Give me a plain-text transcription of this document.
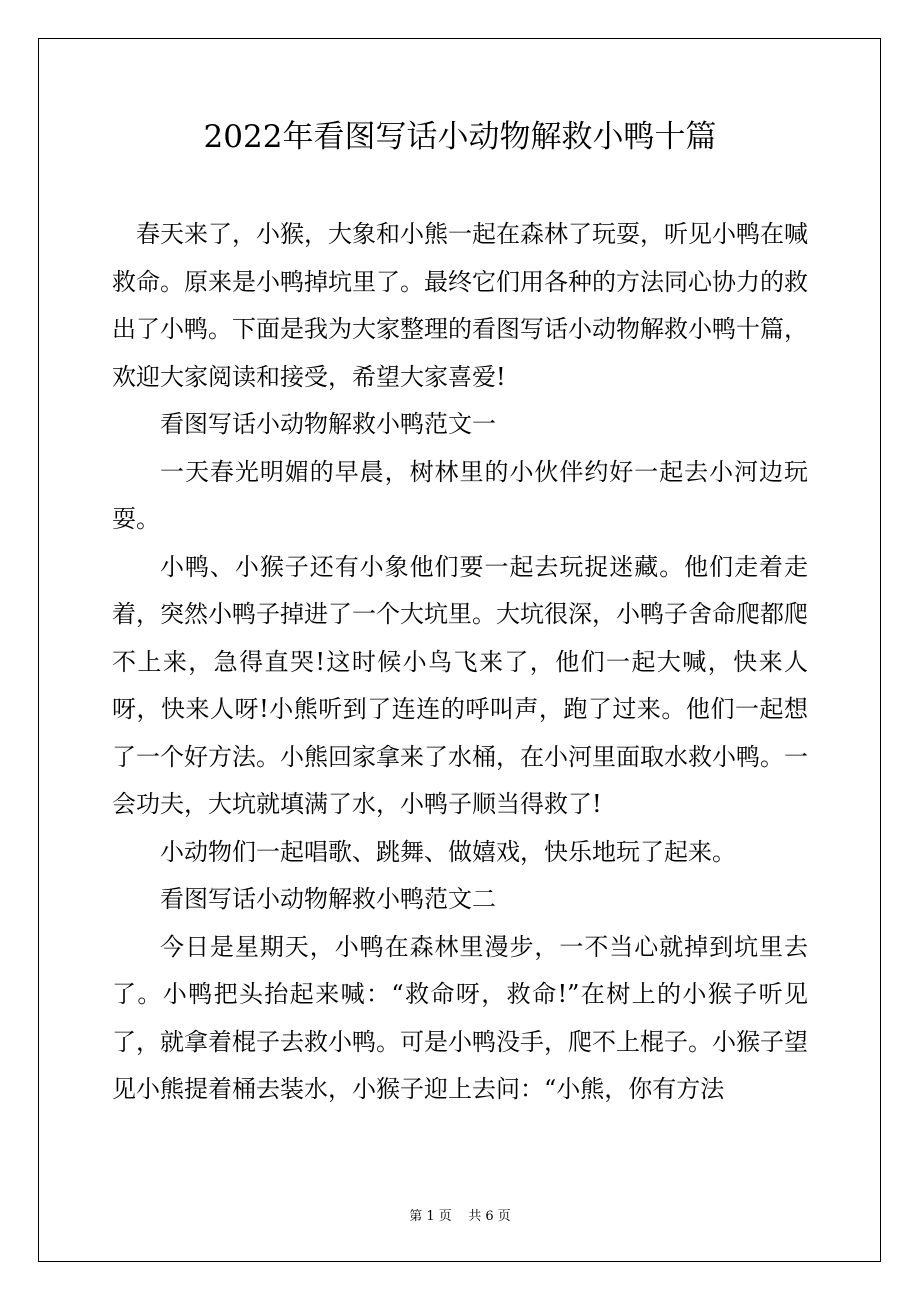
2022年看图写话小动物解救小鸭十篇

春天来了，小猴，大象和小熊一起在森林了玩耍，听见小鸭在喊救命。原来是小鸭掉坑里了。最终它们用各种的方法同心协力的救出了小鸭。下面是我为大家整理的看图写话小动物解救小鸭十篇，欢迎大家阅读和接受，希望大家喜爱!

看图写话小动物解救小鸭范文一

一天春光明媚的早晨，树林里的小伙伴约好一起去小河边玩耍。

小鸭、小猴子还有小象他们要一起去玩捉迷藏。他们走着走着，突然小鸭子掉进了一个大坑里。大坑很深，小鸭子舍命爬都爬不上来，急得直哭!这时候小鸟飞来了，他们一起大喊，快来人呀，快来人呀!小熊听到了连连的呼叫声，跑了过来。他们一起想了一个好方法。小熊回家拿来了水桶，在小河里面取水救小鸭。一会功夫，大坑就填满了水，小鸭子顺当得救了!

小动物们一起唱歌、跳舞、做嬉戏，快乐地玩了起来。

看图写话小动物解救小鸭范文二

今日是星期天，小鸭在森林里漫步，一不当心就掉到坑里去了。小鸭把头抬起来喊：“救命呀，救命!”在树上的小猴子听见了，就拿着棍子去救小鸭。可是小鸭没手，爬不上棍子。小猴子望见小熊提着桶去装水，小猴子迎上去问：“小熊，你有方法

第 1 页    共 6 页
